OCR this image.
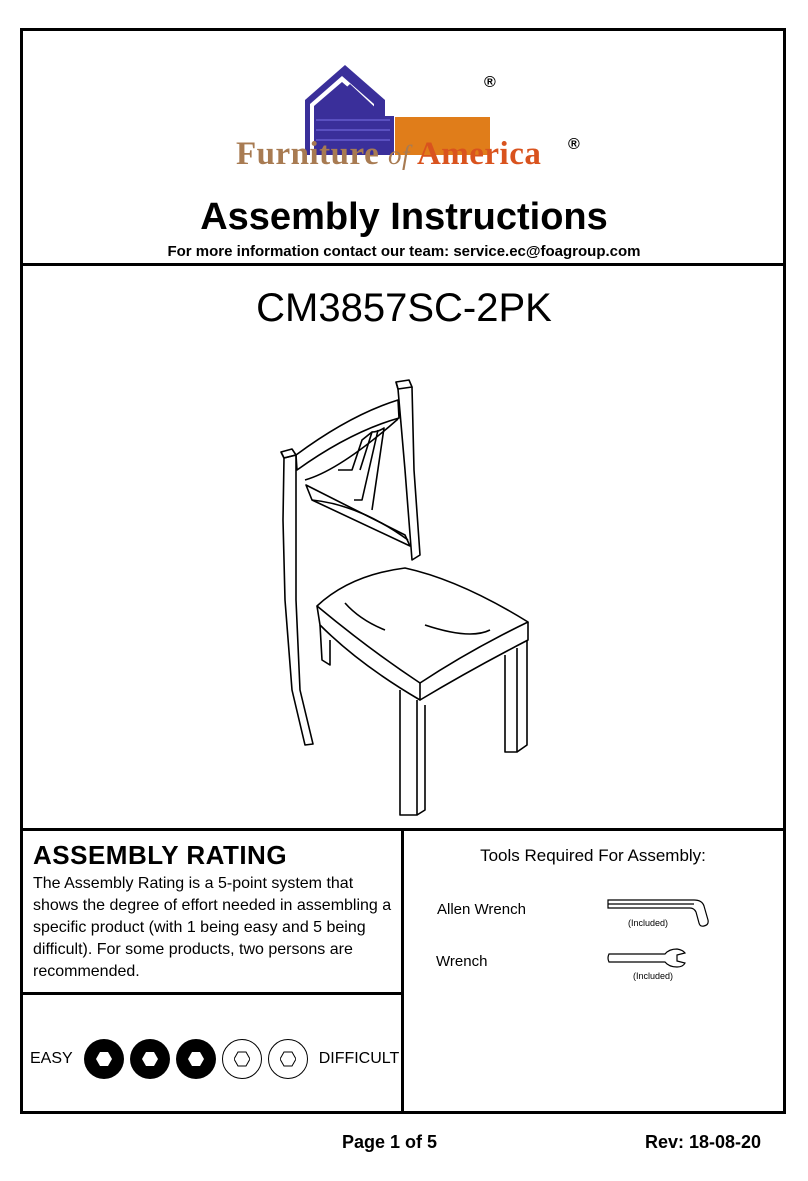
®
Furniture of America ®
Assembly Instructions
For more information contact our team: service.ec@foagroup.com
CM3857SC-2PK
ASSEMBLY RATING
The Assembly Rating is a 5-point system that shows the degree of effort needed in assembling a specific product (with 1 being easy and 5 being difficult). For some products, two persons are recommended.
EASY	DIFFICULT
Tools Required For Assembly:
Allen Wrench
(Included)
Wrench
(Included)
Page 1 of 5	Rev: 18-08-20
